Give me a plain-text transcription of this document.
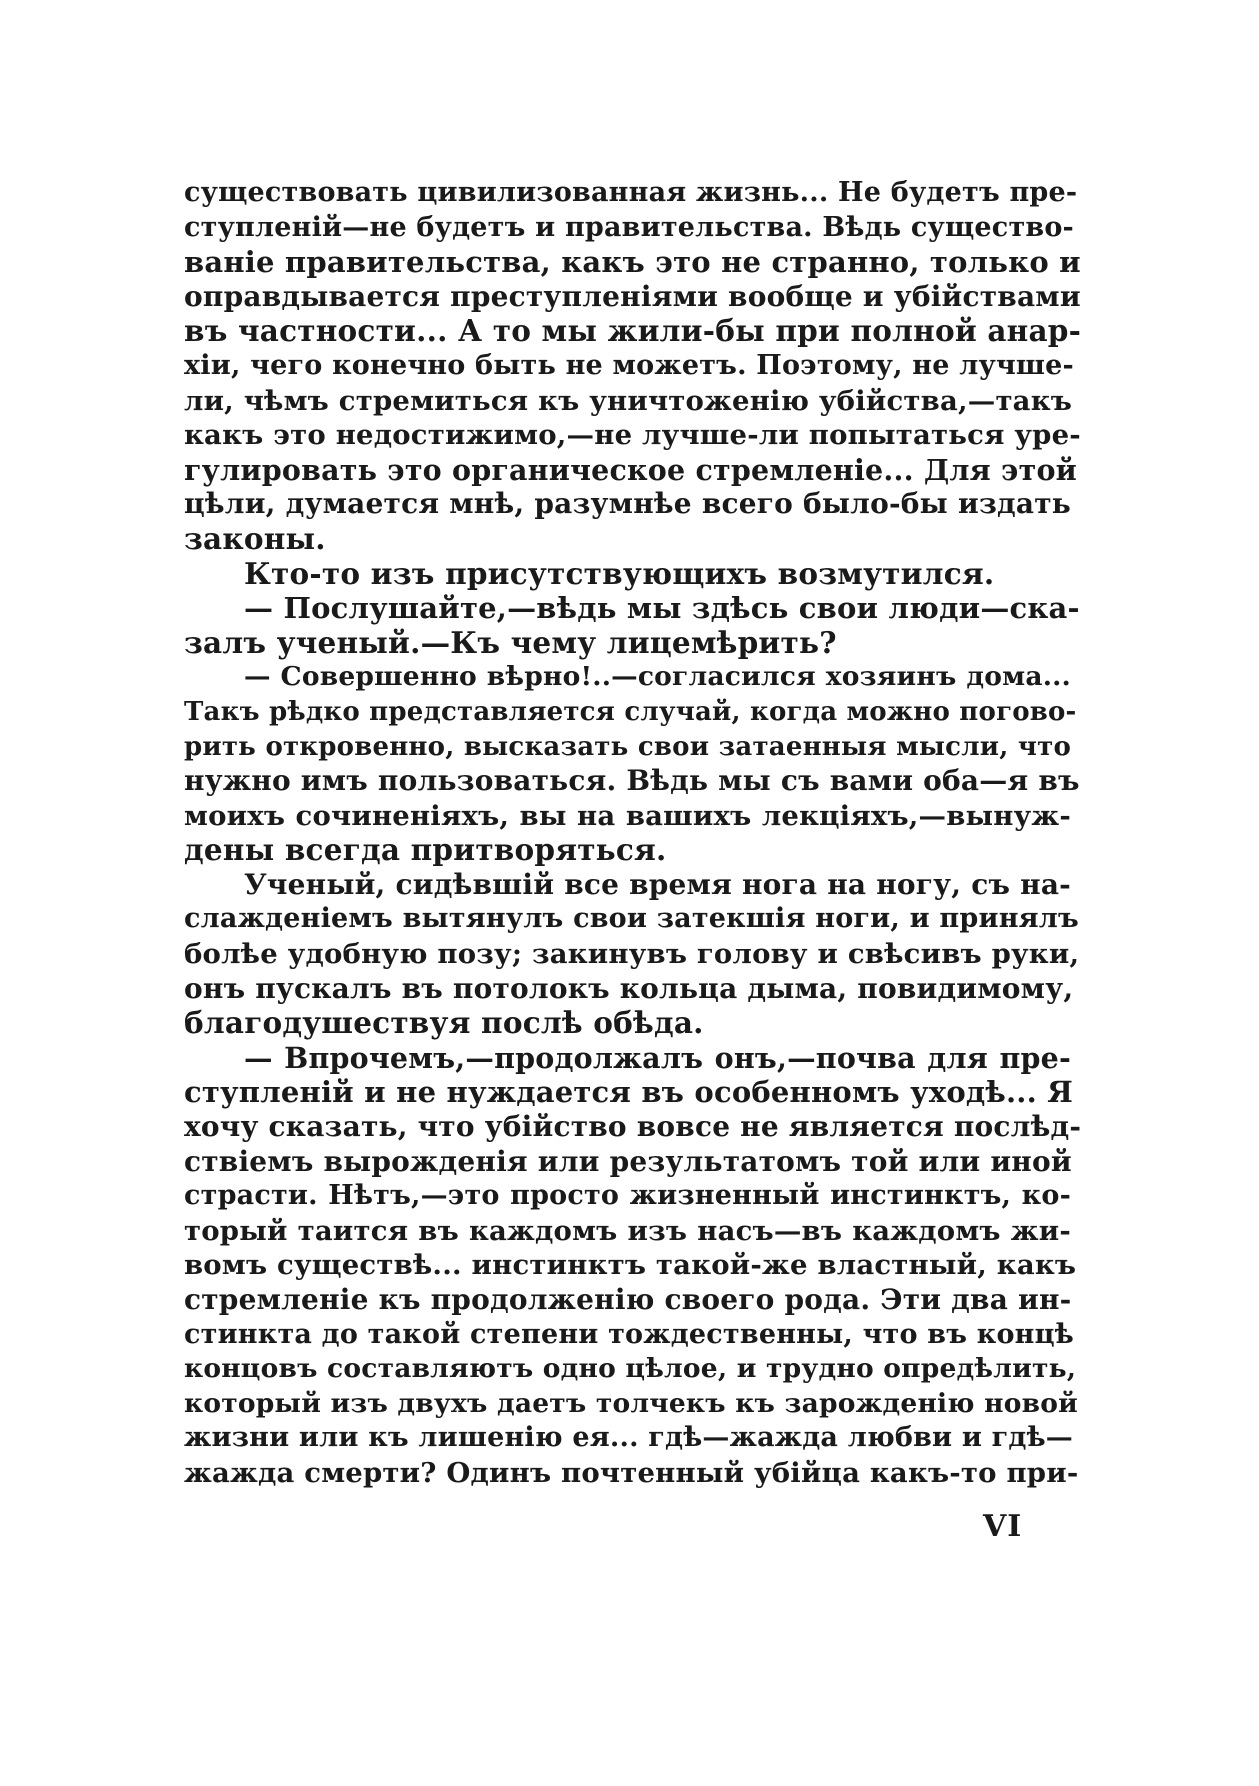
существовать цивилизованная жизнь... Не будетъ пре-
ступленій—не будетъ и правительства. Вѣдь существо-
ваніе правительства, какъ это не странно, только и
оправдывается преступленіями вообще и убійствами
въ частности... А то мы жили-бы при полной анар-
хіи, чего конечно быть не можетъ. Поэтому, не лучше-
ли, чѣмъ стремиться къ уничтоженію убійства,—такъ
какъ это недостижимо,—не лучше-ли попытаться уре-
гулировать это органическое стремленіе... Для этой
цѣли, думается мнѣ, разумнѣе всего было-бы издать
законы.
Кто-то изъ присутствующихъ возмутился.
— Послушайте,—вѣдь мы здѣсь свои люди—ска-
залъ ученый.—Къ чему лицемѣрить?
— Совершенно вѣрно!..—согласился хозяинъ дома...
Такъ рѣдко представляется случай, когда можно погово-
рить откровенно, высказать свои затаенныя мысли, что
нужно имъ пользоваться. Вѣдь мы съ вами оба—я въ
моихъ сочиненіяхъ, вы на вашихъ лекціяхъ,—вынуж-
дены всегда притворяться.
Ученый, сидѣвшій все время нога на ногу, съ на-
слажденіемъ вытянулъ свои затекшія ноги, и принялъ
болѣе удобную позу; закинувъ голову и свѣсивъ руки,
онъ пускалъ въ потолокъ кольца дыма, повидимому,
благодушествуя послѣ обѣда.
— Впрочемъ,—продолжалъ онъ,—почва для пре-
ступленій и не нуждается въ особенномъ уходѣ... Я
хочу сказать, что убійство вовсе не является послѣд-
ствіемъ вырожденія или результатомъ той или иной
страсти. Нѣтъ,—это просто жизненный инстинктъ, ко-
торый таится въ каждомъ изъ насъ—въ каждомъ жи-
вомъ существѣ... инстинктъ такой-же властный, какъ
стремленіе къ продолженію своего рода. Эти два ин-
стинкта до такой степени тождественны, что въ концѣ
концовъ составляютъ одно цѣлое, и трудно опредѣлить,
который изъ двухъ даетъ толчекъ къ зарожденію новой
жизни или къ лишенію ея... гдѣ—жажда любви и гдѣ—
жажда смерти? Одинъ почтенный убійца какъ-то при-
VI
